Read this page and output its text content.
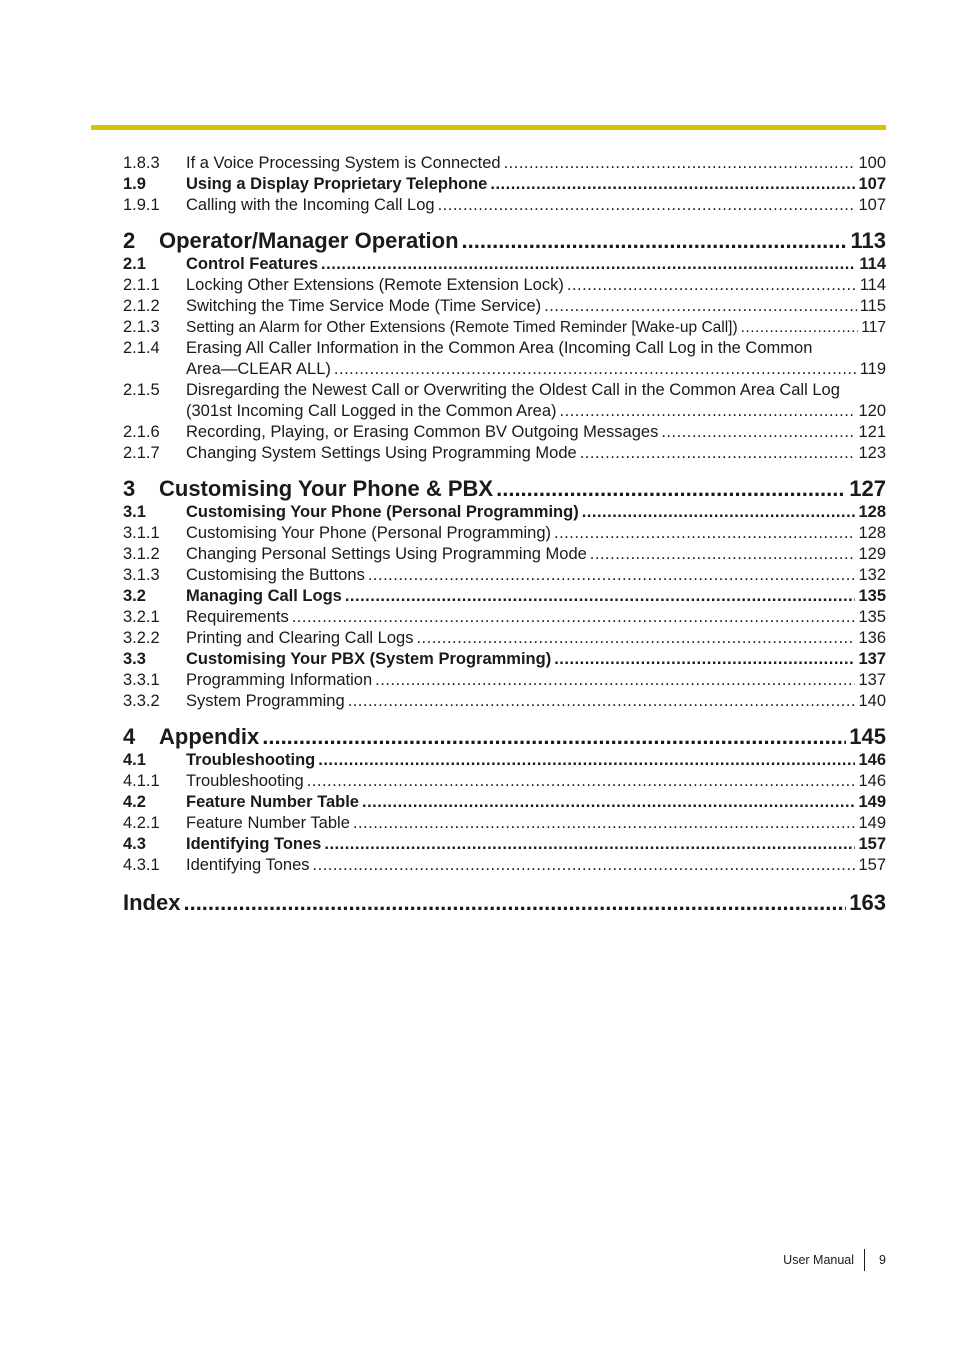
1.8.3	If a Voice Processing System is Connected .....	100
1.9	Using a Display Proprietary Telephone .....	107
1.9.1	Calling with the Incoming Call Log .....	107
2	Operator/Manager Operation .....	113
2.1	Control Features .....	114
2.1.1	Locking Other Extensions (Remote Extension Lock) .....	114
2.1.2	Switching the Time Service Mode (Time Service) .....	115
2.1.3	Setting an Alarm for Other Extensions (Remote Timed Reminder [Wake-up Call]) .....	117
2.1.4	Erasing All Caller Information in the Common Area (Incoming Call Log in the Common
Area—CLEAR ALL) .....	119
2.1.5	Disregarding the Newest Call or Overwriting the Oldest Call in the Common Area Call Log
(301st Incoming Call Logged in the Common Area) .....	120
2.1.6	Recording, Playing, or Erasing Common BV Outgoing Messages .....	121
2.1.7	Changing System Settings Using Programming Mode .....	123
3	Customising Your Phone & PBX .....	127
3.1	Customising Your Phone (Personal Programming) .....	128
3.1.1	Customising Your Phone (Personal Programming) .....	128
3.1.2	Changing Personal Settings Using Programming Mode .....	129
3.1.3	Customising the Buttons .....	132
3.2	Managing Call Logs .....	135
3.2.1	Requirements .....	135
3.2.2	Printing and Clearing Call Logs .....	136
3.3	Customising Your PBX (System Programming) .....	137
3.3.1	Programming Information .....	137
3.3.2	System Programming .....	140
4	Appendix .....	145
4.1	Troubleshooting .....	146
4.1.1	Troubleshooting .....	146
4.2	Feature Number Table .....	149
4.2.1	Feature Number Table .....	149
4.3	Identifying Tones .....	157
4.3.1	Identifying Tones .....	157
Index .....	163
User Manual 9
